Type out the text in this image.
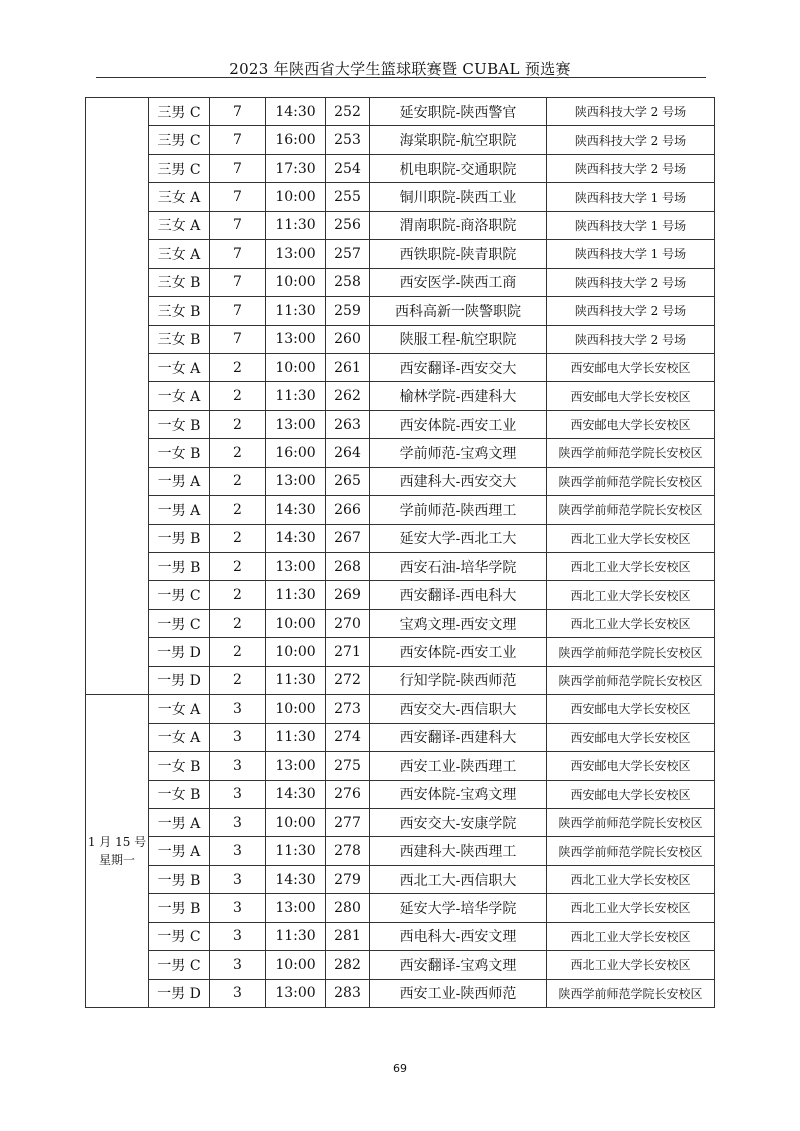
2023 年陕西省大学生篮球联赛暨 CUBAL 预选赛
	三男 C	7	14:30	252	延安职院-陕西警官	陕西科技大学 2 号场
	三男 C	7	16:00	253	海棠职院-航空职院	陕西科技大学 2 号场
	三男 C	7	17:30	254	机电职院-交通职院	陕西科技大学 2 号场
	三女 A	7	10:00	255	铜川职院-陕西工业	陕西科技大学 1 号场
	三女 A	7	11:30	256	渭南职院-商洛职院	陕西科技大学 1 号场
	三女 A	7	13:00	257	西铁职院-陕青职院	陕西科技大学 1 号场
	三女 B	7	10:00	258	西安医学-陕西工商	陕西科技大学 2 号场
	三女 B	7	11:30	259	西科高新一陕警职院	陕西科技大学 2 号场
	三女 B	7	13:00	260	陕服工程-航空职院	陕西科技大学 2 号场
	一女 A	2	10:00	261	西安翻译-西安交大	西安邮电大学长安校区
	一女 A	2	11:30	262	榆林学院-西建科大	西安邮电大学长安校区
	一女 B	2	13:00	263	西安体院-西安工业	西安邮电大学长安校区
	一女 B	2	16:00	264	学前师范-宝鸡文理	陕西学前师范学院长安校区
	一男 A	2	13:00	265	西建科大-西安交大	陕西学前师范学院长安校区
	一男 A	2	14:30	266	学前师范-陕西理工	陕西学前师范学院长安校区
	一男 B	2	14:30	267	延安大学-西北工大	西北工业大学长安校区
	一男 B	2	13:00	268	西安石油-培华学院	西北工业大学长安校区
	一男 C	2	11:30	269	西安翻译-西电科大	西北工业大学长安校区
	一男 C	2	10:00	270	宝鸡文理-西安文理	西北工业大学长安校区
	一男 D	2	10:00	271	西安体院-西安工业	陕西学前师范学院长安校区
	一男 D	2	11:30	272	行知学院-陕西师范	陕西学前师范学院长安校区
1 月 15 号
星期一	一女 A	3	10:00	273	西安交大-西信职大	西安邮电大学长安校区
	一女 A	3	11:30	274	西安翻译-西建科大	西安邮电大学长安校区
	一女 B	3	13:00	275	西安工业-陕西理工	西安邮电大学长安校区
	一女 B	3	14:30	276	西安体院-宝鸡文理	西安邮电大学长安校区
	一男 A	3	10:00	277	西安交大-安康学院	陕西学前师范学院长安校区
	一男 A	3	11:30	278	西建科大-陕西理工	陕西学前师范学院长安校区
	一男 B	3	14:30	279	西北工大-西信职大	西北工业大学长安校区
	一男 B	3	13:00	280	延安大学-培华学院	西北工业大学长安校区
	一男 C	3	11:30	281	西电科大-西安文理	西北工业大学长安校区
	一男 C	3	10:00	282	西安翻译-宝鸡文理	西北工业大学长安校区
	一男 D	3	13:00	283	西安工业-陕西师范	陕西学前师范学院长安校区
69
